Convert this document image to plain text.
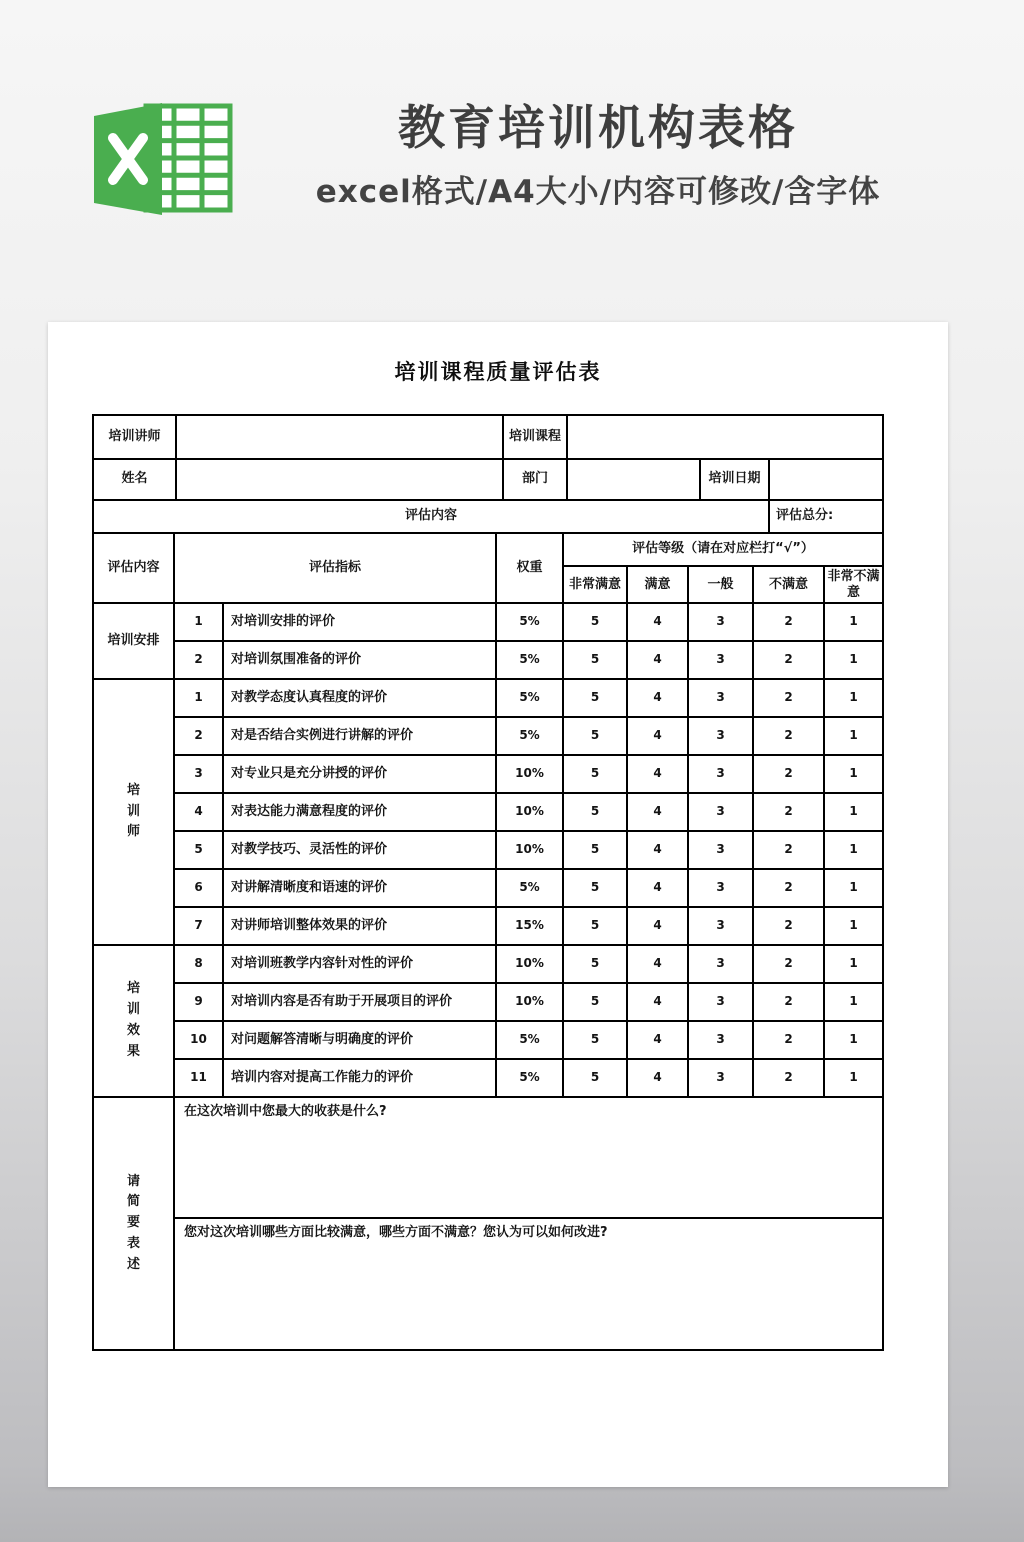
教育培训机构表格
excel格式/A4大小/内容可修改/含字体
培训课程质量评估表
培训讲师		培训课程			
姓名		部门		培训日期	
评估内容					评估总分:
评估内容	评估指标		权重	评估等级（请在对应栏打“√”）				
				非常满意	满意	一般	不满意	非常不满意
培训安排	1	对培训安排的评价	5%	5	4	3	2	1
	2	对培训氛围准备的评价	5%	5	4	3	2	1

培训师	1	对教学态度认真程度的评价	5%	5	4	3	2	1
	2	对是否结合实例进行讲解的评价	5%	5	4	3	2	1
	3	对专业只是充分讲授的评价	10%	5	4	3	2	1
	4	对表达能力满意程度的评价	10%	5	4	3	2	1
	5	对教学技巧、灵活性的评价	10%	5	4	3	2	1
	6	对讲解清晰度和语速的评价	5%	5	4	3	2	1
	7	对讲师培训整体效果的评价	15%	5	4	3	2	1

培训效果	8	对培训班教学内容针对性的评价	10%	5	4	3	2	1
	9	对培训内容是否有助于开展项目的评价	10%	5	4	3	2	1
	10	对问题解答清晰与明确度的评价	5%	5	4	3	2	1
	11	培训内容对提高工作能力的评价	5%	5	4	3	2	1
请简要表述
	在这次培训中您最大的收获是什么?
您对这次培训哪些方面比较满意，哪些方面不满意？您认为可以如何改进?
